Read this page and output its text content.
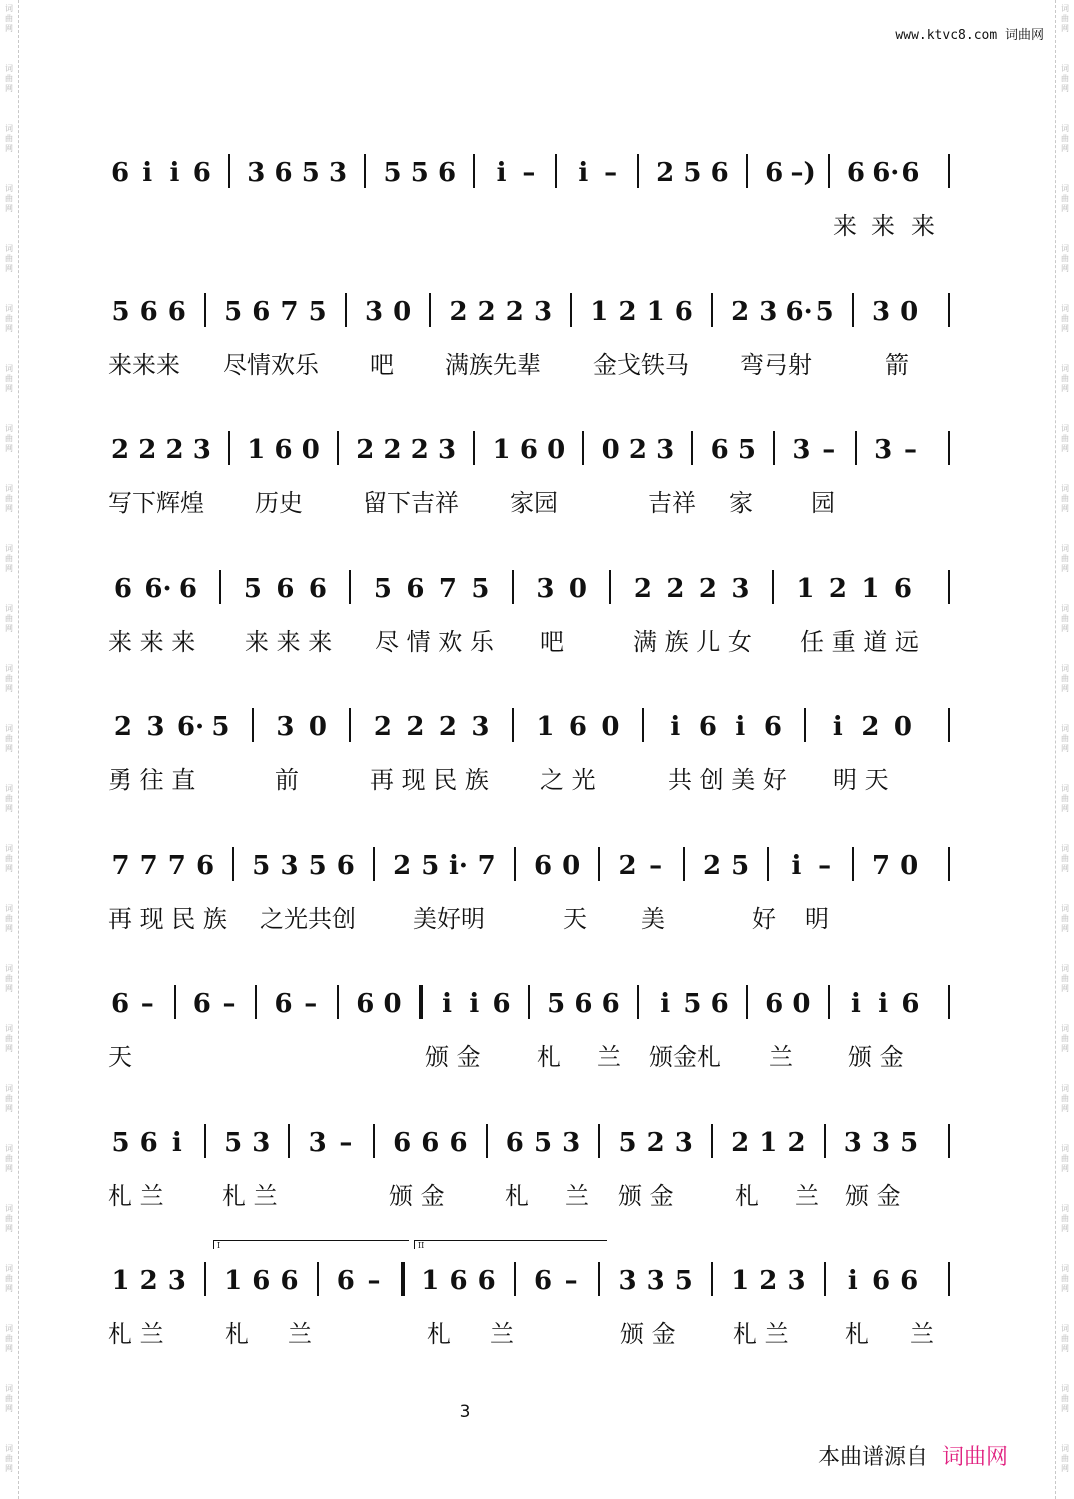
词
曲
网
词
曲
网
词
曲
网
词
曲
网
词
曲
网
词
曲
网
词
曲
网
词
曲
网
词
曲
网
词
曲
网
词
曲
网
词
曲
网
词
曲
网
词
曲
网
词
曲
网
词
曲
网
词
曲
网
词
曲
网
词
曲
网
词
曲
网
词
曲
网
词
曲
网
词
曲
网
词
曲
网
词
曲
网
词
曲
网
词
曲
网
词
曲
网
词
曲
网
词
曲
网
词
曲
网
词
曲
网
词
曲
网
词
曲
网
词
曲
网
词
曲
网
词
曲
网
词
曲
网
词
曲
网
词
曲
网
词
曲
网
词
曲
网
词
曲
网
词
曲
网
词
曲
网
词
曲
网
词
曲
网
词
曲
网
词
曲
网
词
曲
网
www.ktvc8.com 词曲网
6 i i 6 3 6 5 3 5 5 6 i – i – 2 5 6 6 –) 6 6· 6
来 来 来
5 6 6 5 6 7 5 3 0 2 2 2 3 1 2 1 6 2 3 6· 5 3 0
来来来 尽情欢乐 吧 满族先辈 金戈铁马 弯弓射	箭
2 2 2 3 1 6 0 2 2 2 3 1 6 0 0 2 3 6 5 3 – 3 –
写下辉煌 历史	留下吉祥 家园	吉祥 家 园
6 6· 6 5 6 6 5 6 7 5 3 0 2 2 2 3 1 2 1 6
来 来 来 来 来 来 尽 情 欢 乐 吧	满 族 儿 女 任 重 道 远
2 3 6· 5 3 0 2 2 2 3 1 6 0 i 6 i 6 i 2 0
勇 往 直	前	再 现 民 族 之 光	共 创 美 好 明 天
7 7 7 6 5 3 5 6 2 5 i· 7 6 0 2 – 2 5 i – 7 0
再 现 民 族 之光共创 美好明	天 美	好 明
6 – 6 – 6 – 6 0 i i 6 5 6 6 i 5 6 6 0 i i 6
天	颁 金 札 兰 颁金札 兰 颁 金
5 6 i 5 3 3 – 6 6 6 6 5 3 5 2 3 2 1 2 3 3 5
札 兰 札 兰	颁 金	札 兰 颁 金	札 兰 颁 金
1 2 3 1 6 6 6 – 1 6 6 6 – 3 3 5 1 2 3 i 6 6
札 兰	札 兰	札 兰	颁 金 札 兰 札 兰
I	II
3
本曲谱源自 词曲网
